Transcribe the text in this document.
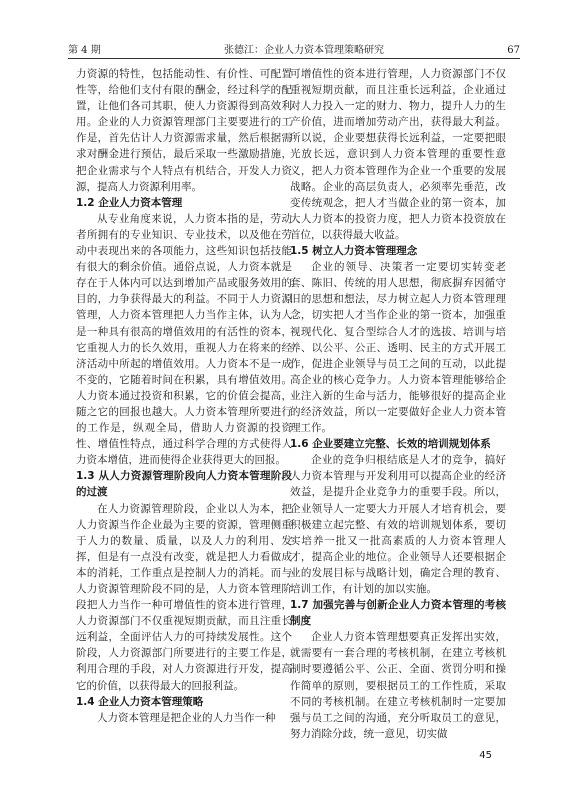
第 4 期	张德江：企业人力资本管理策略研究	67

力资源的特性，包括能动性、有价性、可配置性等，给他们支付有限的酬金，经过科学的配置，让他们各司其职，使人力资源得到高效利用。企业的人力资源管理部门主要要进行的工作是，首先估计人力资源需求量，然后根据需求对酬金进行预估，最后采取一些激励措施，把企业需求与个人特点有机结合，开发人力资源，提高人力资源利用率。

1.2 企业人力资本管理

从专业角度来说，人力资本指的是，劳动者所拥有的专业知识、专业技术，以及他在劳动中表现出来的各项能力，这些知识包括技能有很大的剩余价值。通俗点说，人力资本就是存在于人体内可以达到增加产品或服务效用的目的，力争获得最大的利益。不同于人力资源管理，人力资本管理把人力当作主体，认为人是一种具有很高的增值效用的有活性的资本，它重视人力的长久效用，重视人力在将来的经济活动中所起的增值效用。人力资本不是一成不变的，它随着时间在积累，具有增值效用。人力资本通过投资和积累，它的价值会提高，随之它的回报也越大。人力资本管理所要进行的工作是，纵观全局，借助人力资源的投资性、增值性特点，通过科学合理的方式使得人力资本增值，进而使得企业获得更大的回报。

1.3 从人力资源管理阶段向人力资本管理阶段的过渡

在人力资源管理阶段，企业以人为本，把人力资源当作企业最为主要的资源，管理侧重于人力的数量、质量，以及人力的利用、发挥，但是有一点没有改变，就是把人力看做成本的消耗，工作重点是控制人力的消耗。而与人力资源管理阶段不同的是，人力资本管理阶段把人力当作一种可增值性的资本进行管理，人力资源部门不仅重视短期贡献，而且注重长远利益，全面评估人力的可持续发展性。这个阶段，人力资源部门所要进行的主要工作是，利用合理的手段，对人力资源进行开发，提高它的价值，以获得最大的回报利益。

1.4 企业人力资本管理策略

人力资本管理是把企业的人力当作一种

可增值性的资本进行管理，人力资源部门不仅重视短期贡献，而且注重长远利益，企业通过对人力投入一定的财力、物力，提升人力的生产价值，进而增加劳动产出，获得最大利益。所以说，企业要想获得长远利益，一定要把眼光放长远，意识到人力资本管理的重要性意义，把人力资本管理作为企业一个重要的发展战略。企业的高层负责人，必须率先垂范，改变传统观念，把人才当做企业的第一资本，加大人力资本的投资力度，把人力资本投资放在首位，以获得最大收益。

1.5 树立人力资本管理理念

企业的领导、决策者一定要切实转变老套、陈旧、传统的用人思想，彻底摒弃因循守旧的思想和想法，尽力树立起人力资本管理理念，切实把人才当作企业的第一资本，加强重视现代化、复合型综合人才的选拔、培训与培养、以公平、公正、透明、民主的方式开展工作，促进企业领导与员工之间的互动，以此提高企业的核心竞争力。人力资本管理能够给企业注入新的生命与活力，能够很好的提高企业的经济效益，所以一定要做好企业人力资本管理工作。

1.6 企业要建立完整、长效的培训规划体系

企业的竞争归根结底是人才的竞争，搞好人力资本管理与开发利用可以提高企业的经济效益，是提升企业竞争力的重要手段。所以，企业领导人一定要大力开展人才培育机会，要积极建立起完整、有效的培训规划体系，要切实培养一批又一批高素质的人力资本管理人才，提高企业的地位。企业领导人还要根据企业的发展目标与战略计划，确定合理的教育、培训工作，有计划的加以实施。

1.7 加强完善与创新企业人力资本管理的考核制度

企业人力资本管理想要真正发挥出实效，就需要有一套合理的考核机制，在建立考核机制时要遵循公平、公正、全面、赏罚分明和操作简单的原则，要根据员工的工作性质，采取不同的考核机制。在建立考核机制时一定要加强与员工之间的沟通，充分听取员工的意见，努力消除分歧，统一意见，切实做

45
